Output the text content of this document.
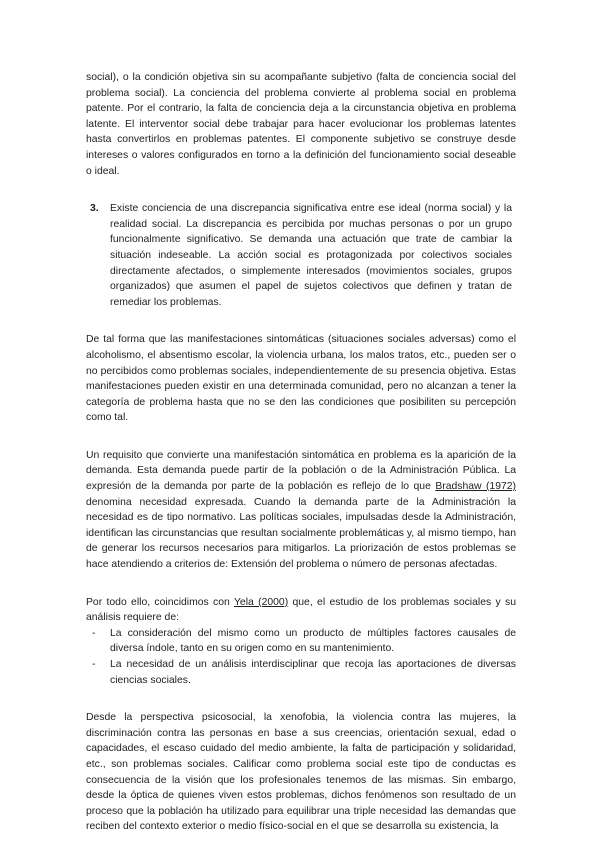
social), o la condición objetiva sin su acompañante subjetivo (falta de conciencia social del problema social). La conciencia del problema convierte al problema social en problema patente. Por el contrario, la falta de conciencia deja a la circunstancia objetiva en problema latente. El interventor social debe trabajar para hacer evolucionar los problemas latentes hasta convertirlos en problemas patentes. El componente subjetivo se construye desde intereses o valores configurados en torno a la definición del funcionamiento social deseable o ideal.

3.	Existe conciencia de una discrepancia significativa entre ese ideal (norma social) y la realidad social. La discrepancia es percibida por muchas personas o por un grupo funcionalmente significativo. Se demanda una actuación que trate de cambiar la situación indeseable. La acción social es protagonizada por colectivos sociales directamente afectados, o simplemente interesados (movimientos sociales, grupos organizados) que asumen el papel de sujetos colectivos que definen y tratan de remediar los problemas.

De tal forma que las manifestaciones sintomáticas (situaciones sociales adversas) como el alcoholismo, el absentismo escolar, la violencia urbana, los malos tratos, etc., pueden ser o no percibidos como problemas sociales, independientemente de su presencia objetiva. Estas manifestaciones pueden existir en una determinada comunidad, pero no alcanzan a tener la categoría de problema hasta que no se den las condiciones que posibiliten su percepción como tal.

Un requisito que convierte una manifestación sintomática en problema es la aparición de la demanda. Esta demanda puede partir de la población o de la Administración Pública. La expresión de la demanda por parte de la población es reflejo de lo que Bradshaw (1972) denomina necesidad expresada. Cuando la demanda parte de la Administración la necesidad es de tipo normativo. Las políticas sociales, impulsadas desde la Administración, identifican las circunstancias que resultan socialmente problemáticas y, al mismo tiempo, han de generar los recursos necesarios para mitigarlos. La priorización de estos problemas se hace atendiendo a criterios de: Extensión del problema o número de personas afectadas.

Por todo ello, coincidimos con Yela (2000) que, el estudio de los problemas sociales y su análisis requiere de:

-	La consideración del mismo como un producto de múltiples factores causales de diversa índole, tanto en su origen como en su mantenimiento.
-	La necesidad de un análisis interdisciplinar que recoja las aportaciones de diversas ciencias sociales.

Desde la perspectiva psicosocial, la xenofobia, la violencia contra las mujeres, la discriminación contra las personas en base a sus creencias, orientación sexual, edad o capacidades, el escaso cuidado del medio ambiente, la falta de participación y solidaridad, etc., son problemas sociales. Calificar como problema social este tipo de conductas es consecuencia de la visión que los profesionales tenemos de las mismas. Sin embargo, desde la óptica de quienes viven estos problemas, dichos fenómenos son resultado de un proceso que la población ha utilizado para equilibrar una triple necesidad las demandas que reciben del contexto exterior o medio físico-social en el que se desarrolla su existencia, la
